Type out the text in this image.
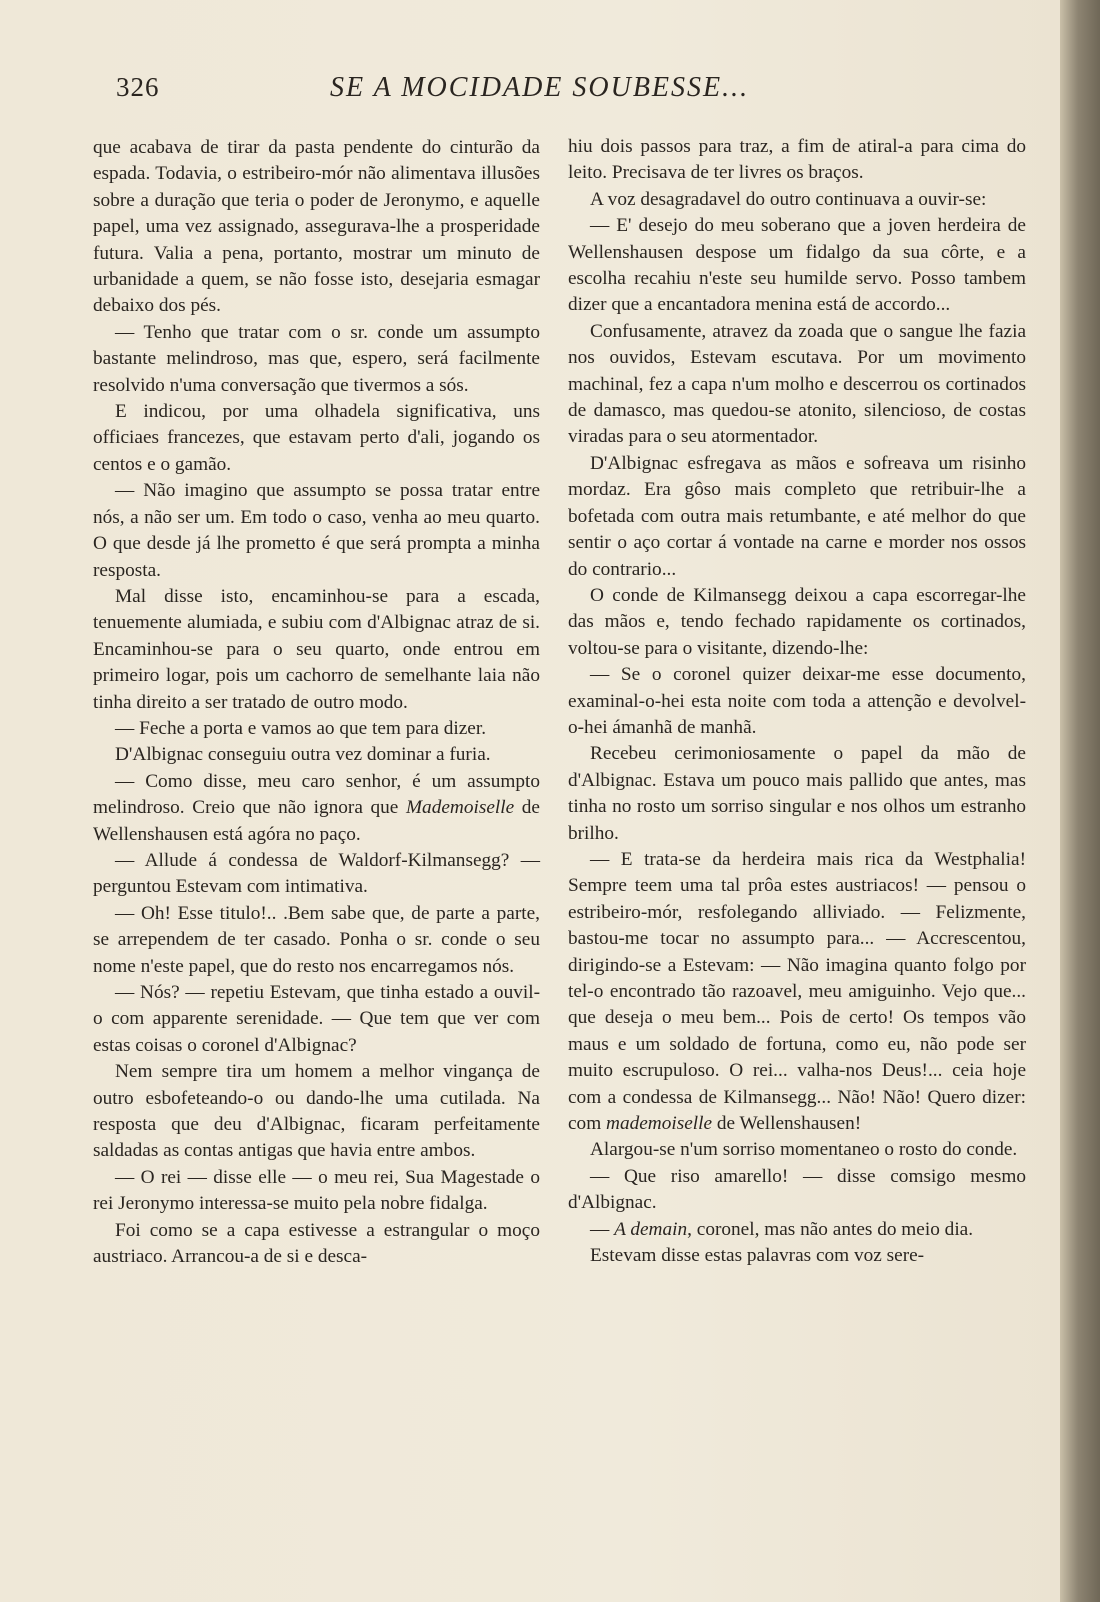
326	SE A MOCIDADE SOUBESSE...

que acabava de tirar da pasta pendente do cinturão da espada. Todavia, o estribeiro-mór não alimentava illusões sobre a duração que teria o poder de Jeronymo, e aquelle papel, uma vez assignado, assegurava-lhe a prosperidade futura. Valia a pena, portanto, mostrar um minuto de urbanidade a quem, se não fosse isto, desejaria esmagar debaixo dos pés.

— Tenho que tratar com o sr. conde um assumpto bastante melindroso, mas que, espero, será facilmente resolvido n'uma conversação que tivermos a sós.

E indicou, por uma olhadela significativa, uns officiaes francezes, que estavam perto d'ali, jogando os centos e o gamão.

— Não imagino que assumpto se possa tratar entre nós, a não ser um. Em todo o caso, venha ao meu quarto. O que desde já lhe prometto é que será prompta a minha resposta.

Mal disse isto, encaminhou-se para a escada, tenuemente alumiada, e subiu com d'Albignac atraz de si. Encaminhou-se para o seu quarto, onde entrou em primeiro logar, pois um cachorro de semelhante laia não tinha direito a ser tratado de outro modo.

— Feche a porta e vamos ao que tem para dizer.

D'Albignac conseguiu outra vez dominar a furia.

— Como disse, meu caro senhor, é um assumpto melindroso. Creio que não ignora que Mademoiselle de Wellenshausen está agóra no paço.

— Allude á condessa de Waldorf-Kilmansegg? — perguntou Estevam com intimativa.

— Oh! Esse titulo!.. .Bem sabe que, de parte a parte, se arrependem de ter casado. Ponha o sr. conde o seu nome n'este papel, que do resto nos encarregamos nós.

— Nós? — repetiu Estevam, que tinha estado a ouvil-o com apparente serenidade. — Que tem que ver com estas coisas o coronel d'Albignac?

Nem sempre tira um homem a melhor vingança de outro esbofeteando-o ou dando-lhe uma cutilada. Na resposta que deu d'Albignac, ficaram perfeitamente saldadas as contas antigas que havia entre ambos.

— O rei — disse elle — o meu rei, Sua Magestade o rei Jeronymo interessa-se muito pela nobre fidalga.

Foi como se a capa estivesse a estrangular o moço austriaco. Arrancou-a de si e desca-

hiu dois passos para traz, a fim de atiral-a para cima do leito. Precisava de ter livres os braços.

A voz desagradavel do outro continuava a ouvir-se:

— E' desejo do meu soberano que a joven herdeira de Wellenshausen despose um fidalgo da sua côrte, e a escolha recahiu n'este seu humilde servo. Posso tambem dizer que a encantadora menina está de accordo...

Confusamente, atravez da zoada que o sangue lhe fazia nos ouvidos, Estevam escutava. Por um movimento machinal, fez a capa n'um molho e descerrou os cortinados de damasco, mas quedou-se atonito, silencioso, de costas viradas para o seu atormentador.

D'Albignac esfregava as mãos e sofreava um risinho mordaz. Era gôso mais completo que retribuir-lhe a bofetada com outra mais retumbante, e até melhor do que sentir o aço cortar á vontade na carne e morder nos ossos do contrario...

O conde de Kilmansegg deixou a capa escorregar-lhe das mãos e, tendo fechado rapidamente os cortinados, voltou-se para o visitante, dizendo-lhe:

— Se o coronel quizer deixar-me esse documento, examinal-o-hei esta noite com toda a attenção e devolvel-o-hei ámanhã de manhã.

Recebeu cerimoniosamente o papel da mão de d'Albignac. Estava um pouco mais pallido que antes, mas tinha no rosto um sorriso singular e nos olhos um estranho brilho.

— E trata-se da herdeira mais rica da Westphalia! Sempre teem uma tal prôa estes austriacos! — pensou o estribeiro-mór, resfolegando alliviado. — Felizmente, bastou-me tocar no assumpto para... — Accrescentou, dirigindo-se a Estevam: — Não imagina quanto folgo por tel-o encontrado tão razoavel, meu amiguinho. Vejo que... que deseja o meu bem... Pois de certo! Os tempos vão maus e um soldado de fortuna, como eu, não pode ser muito escrupuloso. O rei... valha-nos Deus!... ceia hoje com a condessa de Kilmansegg... Não! Não! Quero dizer: com mademoiselle de Wellenshausen!

Alargou-se n'um sorriso momentaneo o rosto do conde.

— Que riso amarello! — disse comsigo mesmo d'Albignac.

— A demain, coronel, mas não antes do meio dia.

Estevam disse estas palavras com voz sere-
